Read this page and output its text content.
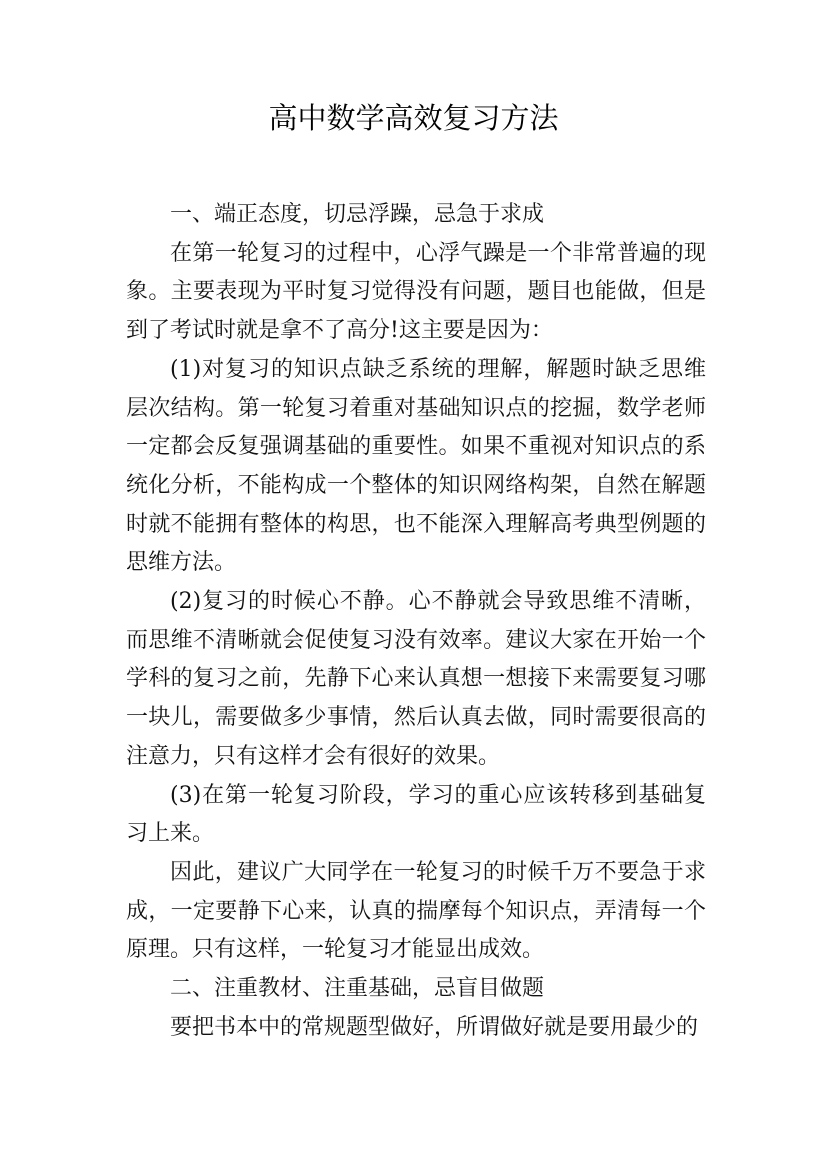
高中数学高效复习方法

一、端正态度，切忌浮躁，忌急于求成

在第一轮复习的过程中，心浮气躁是一个非常普遍的现象。主要表现为平时复习觉得没有问题，题目也能做，但是到了考试时就是拿不了高分!这主要是因为：

(1)对复习的知识点缺乏系统的理解，解题时缺乏思维层次结构。第一轮复习着重对基础知识点的挖掘，数学老师一定都会反复强调基础的重要性。如果不重视对知识点的系统化分析，不能构成一个整体的知识网络构架，自然在解题时就不能拥有整体的构思，也不能深入理解高考典型例题的思维方法。

(2)复习的时候心不静。心不静就会导致思维不清晰，而思维不清晰就会促使复习没有效率。建议大家在开始一个学科的复习之前，先静下心来认真想一想接下来需要复习哪一块儿，需要做多少事情，然后认真去做，同时需要很高的注意力，只有这样才会有很好的效果。

(3)在第一轮复习阶段，学习的重心应该转移到基础复习上来。

因此，建议广大同学在一轮复习的时候千万不要急于求成，一定要静下心来，认真的揣摩每个知识点，弄清每一个原理。只有这样，一轮复习才能显出成效。

二、注重教材、注重基础，忌盲目做题

要把书本中的常规题型做好，所谓做好就是要用最少的
